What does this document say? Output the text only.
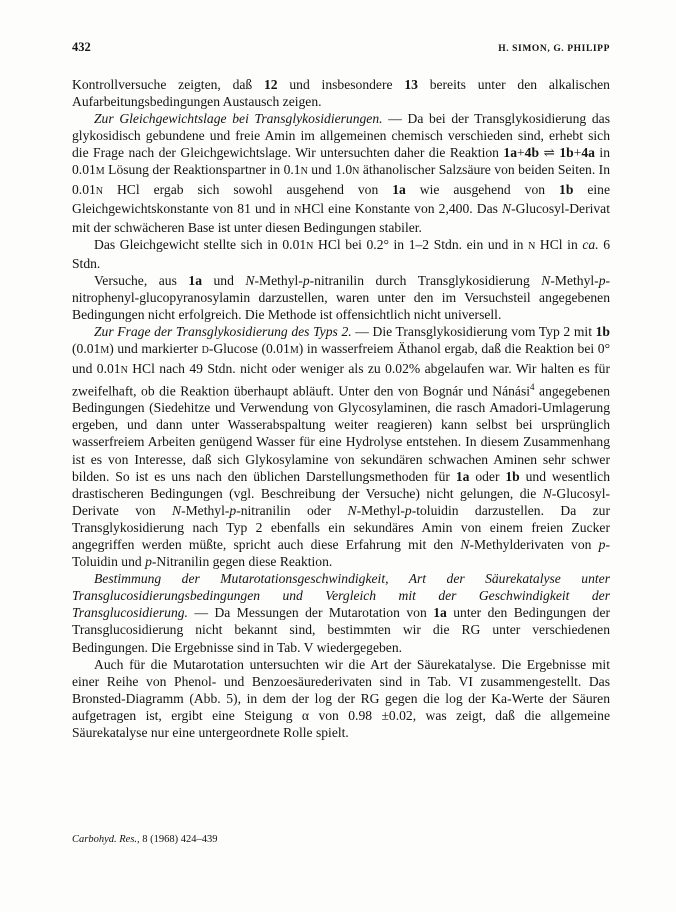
432	H. SIMON, G. PHILIPP

Kontrollversuche zeigten, daß 12 und insbesondere 13 bereits unter den alkalischen Aufarbeitungsbedingungen Austausch zeigen.

Zur Gleichgewichtslage bei Transglykosidierungen. — Da bei der Transglykosidierung das glykosidisch gebundene und freie Amin im allgemeinen chemisch verschieden sind, erhebt sich die Frage nach der Gleichgewichtslage. Wir untersuchten daher die Reaktion 1a+4b ⇌ 1b+4a in 0.01M Lösung der Reaktionspartner in 0.1N und 1.0N äthanolischer Salzsäure von beiden Seiten. In 0.01N HCl ergab sich sowohl ausgehend von 1a wie ausgehend von 1b eine Gleichgewichtskonstante von 81 und in NHCl eine Konstante von 2,400. Das N-Glucosyl-Derivat mit der schwächeren Base ist unter diesen Bedingungen stabiler.

Das Gleichgewicht stellte sich in 0.01N HCl bei 0.2° in 1–2 Stdn. ein und in N HCl in ca. 6 Stdn.

Versuche, aus 1a und N-Methyl-p-nitranilin durch Transglykosidierung N-Methyl-p-nitrophenyl-glucopyranosylamin darzustellen, waren unter den im Versuchsteil angegebenen Bedingungen nicht erfolgreich. Die Methode ist offensichtlich nicht universell.

Zur Frage der Transglykosidierung des Typs 2. — Die Transglykosidierung vom Typ 2 mit 1b (0.01M) und markierter D-Glucose (0.01M) in wasserfreiem Äthanol ergab, daß die Reaktion bei 0° und 0.01N HCl nach 49 Stdn. nicht oder weniger als zu 0.02% abgelaufen war. Wir halten es für zweifelhaft, ob die Reaktion überhaupt abläuft. Unter den von Bognár und Nánási$^4$ angegebenen Bedingungen (Siedehitze und Verwendung von Glycosylaminen, die rasch Amadori-Umlagerung ergeben, und dann unter Wasserabspaltung weiter reagieren) kann selbst bei ursprünglich wasserfreiem Arbeiten genügend Wasser für eine Hydrolyse entstehen. In diesem Zusammenhang ist es von Interesse, daß sich Glykosylamine von sekundären schwachen Aminen sehr schwer bilden. So ist es uns nach den üblichen Darstellungsmethoden für 1a oder 1b und wesentlich drastischeren Bedingungen (vgl. Beschreibung der Versuche) nicht gelungen, die N-Glucosyl-Derivate von N-Methyl-p-nitranilin oder N-Methyl-p-toluidin darzustellen. Da zur Transglykosidierung nach Typ 2 ebenfalls ein sekundäres Amin von einem freien Zucker angegriffen werden müßte, spricht auch diese Erfahrung mit den N-Methylderivaten von p-Toluidin und p-Nitranilin gegen diese Reaktion.

Bestimmung der Mutarotationsgeschwindigkeit, Art der Säurekatalyse unter Transglucosidierungsbedingungen und Vergleich mit der Geschwindigkeit der Transglucosidierung. — Da Messungen der Mutarotation von 1a unter den Bedingungen der Transglucosidierung nicht bekannt sind, bestimmten wir die RG unter verschiedenen Bedingungen. Die Ergebnisse sind in Tab. V wiedergegeben.

Auch für die Mutarotation untersuchten wir die Art der Säurekatalyse. Die Ergebnisse mit einer Reihe von Phenol- und Benzoesäurederivaten sind in Tab. VI zusammengestellt. Das Bronsted-Diagramm (Abb. 5), in dem der log der RG gegen die log der Ka-Werte der Säuren aufgetragen ist, ergibt eine Steigung α von 0.98 ±0.02, was zeigt, daß die allgemeine Säurekatalyse nur eine untergeordnete Rolle spielt.

Carbohyd. Res., 8 (1968) 424–439
